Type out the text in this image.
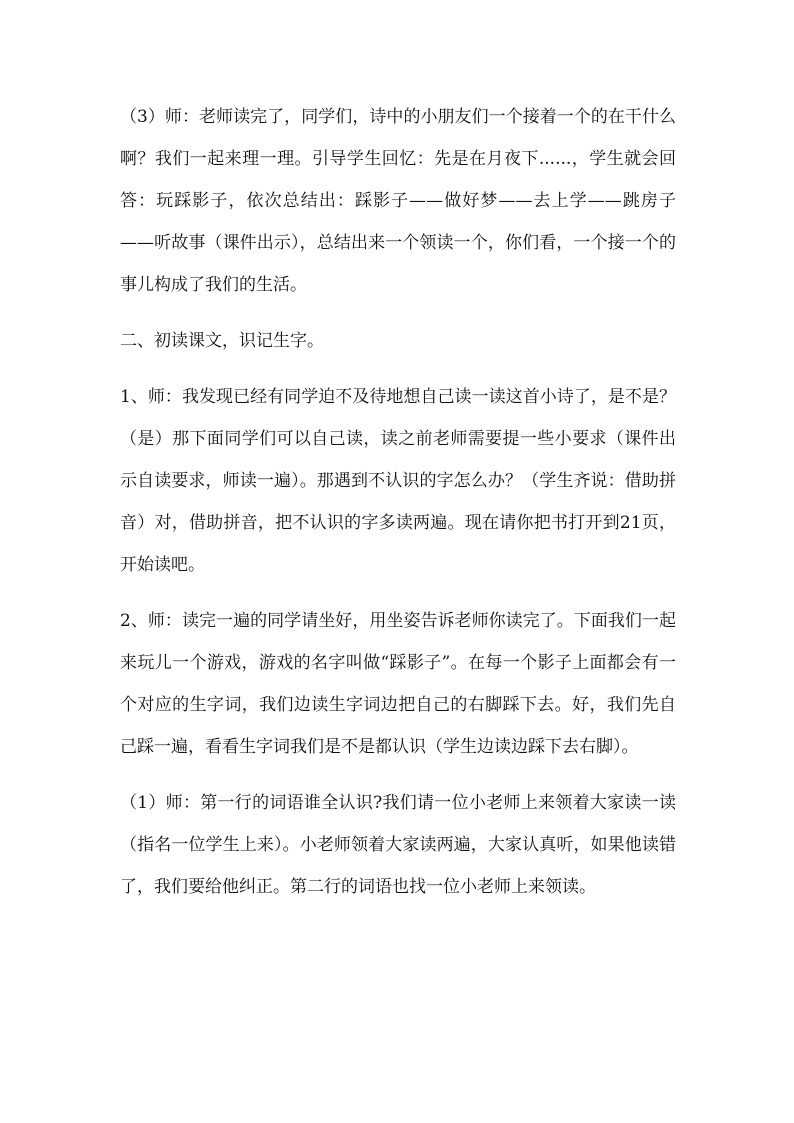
（3）师：老师读完了，同学们，诗中的小朋友们一个接着一个的在干什么啊？我们一起来理一理。引导学生回忆：先是在月夜下......，学生就会回答：玩踩影子，依次总结出：踩影子——做好梦——去上学——跳房子——听故事（课件出示），总结出来一个领读一个，你们看，一个接一个的事儿构成了我们的生活。

二、初读课文，识记生字。

1、师：我发现已经有同学迫不及待地想自己读一读这首小诗了，是不是？（是）那下面同学们可以自己读，读之前老师需要提一些小要求（课件出示自读要求，师读一遍）。那遇到不认识的字怎么办？（学生齐说：借助拼音）对，借助拼音，把不认识的字多读两遍。现在请你把书打开到21页，开始读吧。

2、师：读完一遍的同学请坐好，用坐姿告诉老师你读完了。下面我们一起来玩儿一个游戏，游戏的名字叫做“踩影子”。在每一个影子上面都会有一个对应的生字词，我们边读生字词边把自己的右脚踩下去。好，我们先自己踩一遍，看看生字词我们是不是都认识（学生边读边踩下去右脚）。

（1）师：第一行的词语谁全认识?我们请一位小老师上来领着大家读一读（指名一位学生上来）。小老师领着大家读两遍，大家认真听，如果他读错了，我们要给他纠正。第二行的词语也找一位小老师上来领读。
